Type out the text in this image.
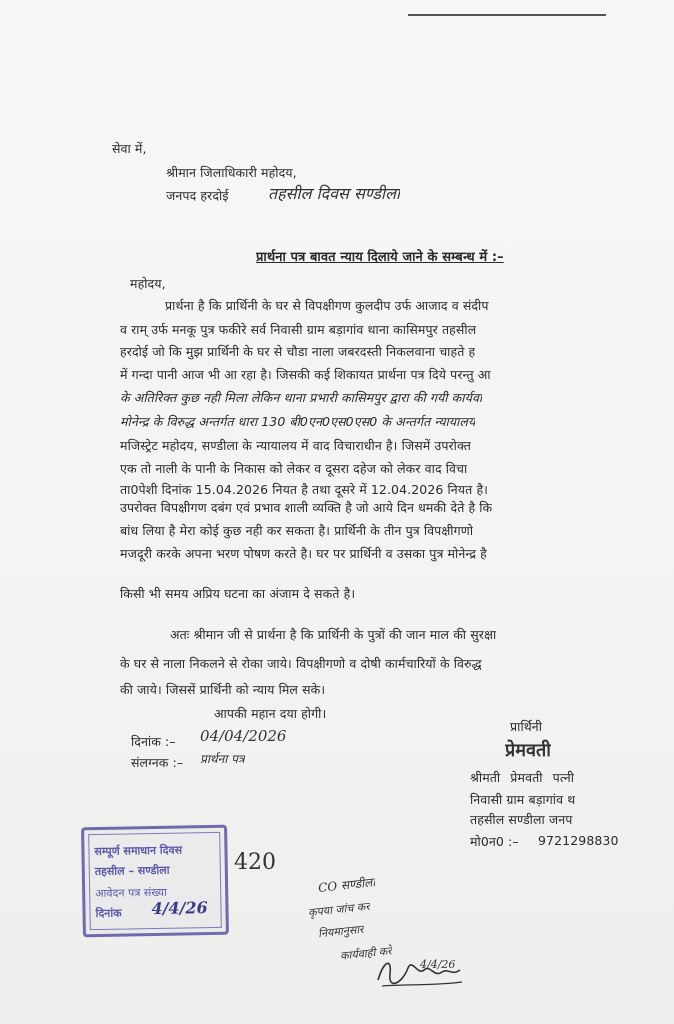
सेवा में,
श्रीमान जिलाधिकारी महोदय,
जनपद हरदोई तहसील दिवस सण्डीला
प्रार्थना पत्र बावत न्याय दिलाये जाने के सम्बन्ध में :–
महोदय,
प्रार्थना है कि प्रार्थिनी के घर से विपक्षीगण कुलदीप उर्फ आजाद व संदीप
व राम् उर्फ मनकू पुत्र फकीरे सर्व निवासी ग्राम बड़ागांव थाना कासिमपुर तहसील
हरदोई जो कि मुझ प्रार्थिनी के घर से चौडा नाला जबरदस्ती निकलवाना चाहते ह
में गन्दा पानी आज भी आ रहा है। जिसकी कई शिकायत प्रार्थना पत्र दिये परन्तु आ
के अतिरिक्त कुछ नही मिला लेकिन थाना प्रभारी कासिमपुर द्वारा की गयी कार्यवा
मोनेन्द्र के विरुद्ध अन्तर्गत धारा 130 बी0एन0एस0एस0 के अन्तर्गत न्यायालय
मजिस्ट्रेट महोदय, सण्डीला के न्यायालय में वाद विचाराधीन है। जिसमें उपरोक्त
एक तो नाली के पानी के निकास को लेकर व दूसरा दहेज को लेकर वाद विचा
ता0पेशी दिनांक 15.04.2026 नियत है तथा दूसरे में 12.04.2026 नियत है।
उपरोक्त विपक्षीगण दबंग एवं प्रभाव शाली व्यक्ति है जो आये दिन धमकी देते है कि
बांध लिया है मेरा कोई कुछ नही कर सकता है। प्रार्थिनी के तीन पुत्र विपक्षीगणो
मजदूरी करके अपना भरण पोषण करते है। घर पर प्रार्थिनी व उसका पुत्र मोनेन्द्र है
किसी भी समय अप्रिय घटना का अंजाम दे सकते है।
अतः श्रीमान जी से प्रार्थना है कि प्रार्थिनी के पुत्रों की जान माल की सुरक्षा
के घर से नाला निकलने से रोका जाये। विपक्षीगणो व दोषी कार्मचारियों के विरुद्ध
की जाये। जिससें प्रार्थिनी को न्याय मिल सके।
आपकी महान दया होगी।
दिनांक :– 04/04/2026
संलग्नक :– प्रार्थना पत्र
प्रार्थिनी
प्रेमवती
श्रीमती प्रेमवती पत्नी
निवासी ग्राम बड़ागांव थ
तहसील सण्डीला जनप
मो0न0 :– 9721298830
सम्पूर्ण समाधान दिवस
तहसील – सण्डीला
आवेदन पत्र संख्या
दिनांक 4/4/26
420
CO सण्डीला
कृपया जांच कर
नियमानुसार
कार्यवाही करें
4/4/26
